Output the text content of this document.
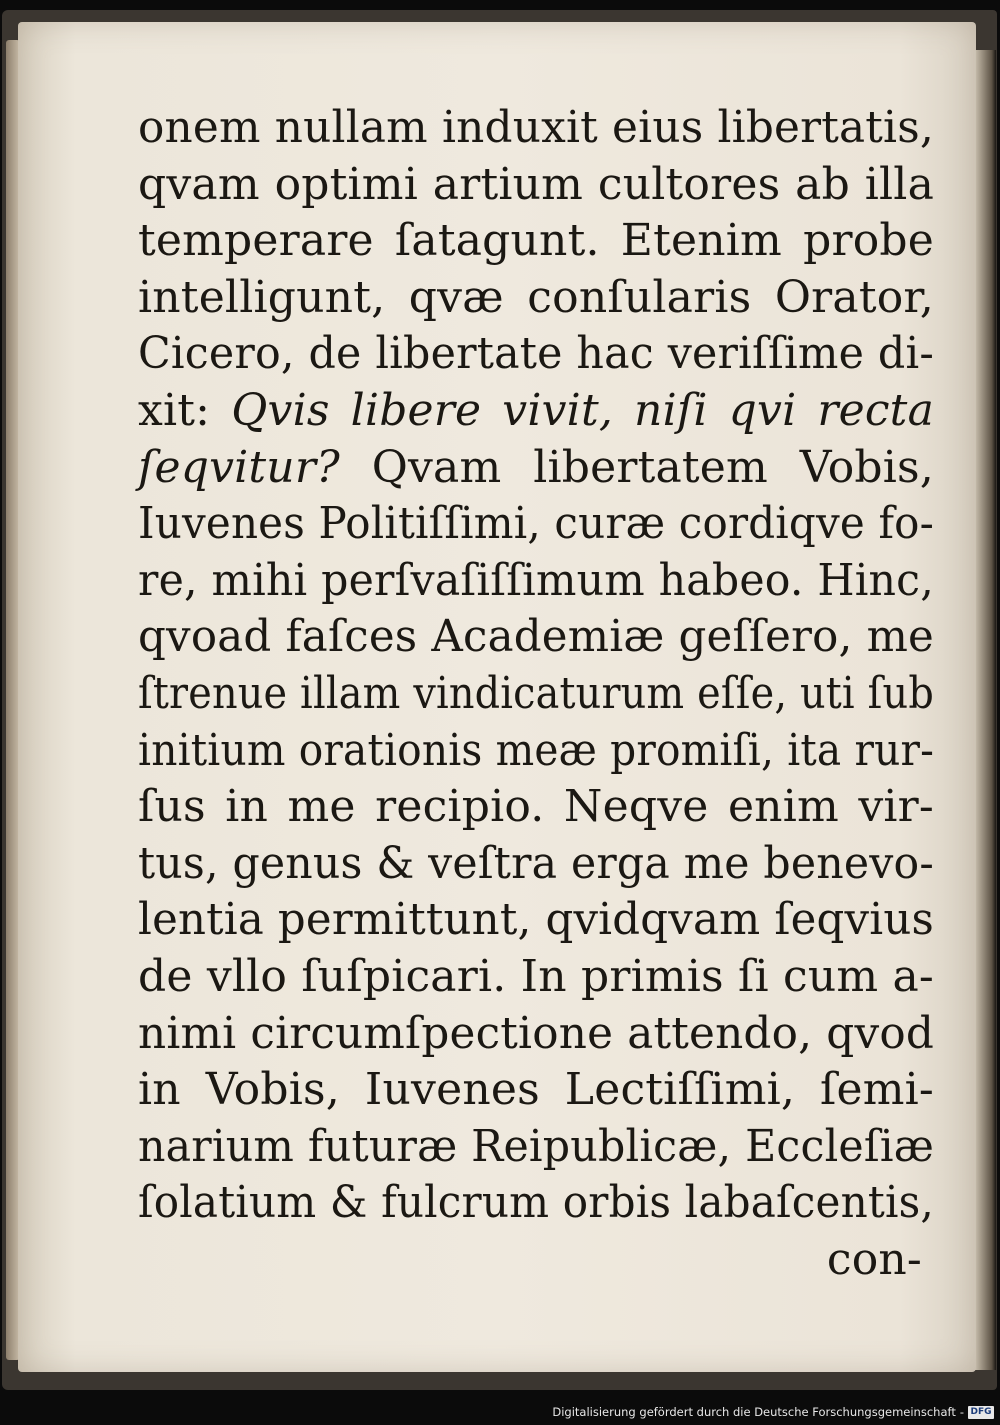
onem nullam induxit eius libertatis,
qvam optimi artium cultores ab illa
temperare ſatagunt. Etenim probe
intelligunt, qvæ conſularis Orator,
Cicero, de libertate hac veriſſime di-
xit: Qvis libere vivit, niſi qvi recta
ſeqvitur? Qvam libertatem Vobis,
Iuvenes Politiſſimi, curæ cordiqve fo-
re, mihi perſvaſiſſimum habeo. Hinc,
qvoad faſces Academiæ geſſero, me
ſtrenue illam vindicaturum eſſe, uti ſub
initium orationis meæ promiſi, ita rur-
ſus in me recipio. Neqve enim vir-
tus, genus & veſtra erga me benevo-
lentia permittunt, qvidqvam ſeqvius
de vllo ſuſpicari. In primis ſi cum a-
nimi circumſpectione attendo, qvod
in Vobis, Iuvenes Lectiſſimi, ſemi-
narium futuræ Reipublicæ, Eccleſiæ
ſolatium & fulcrum orbis labaſcentis,
con-
Digitalisierung gefördert durch die Deutsche Forschungsgemeinschaft - DFG
